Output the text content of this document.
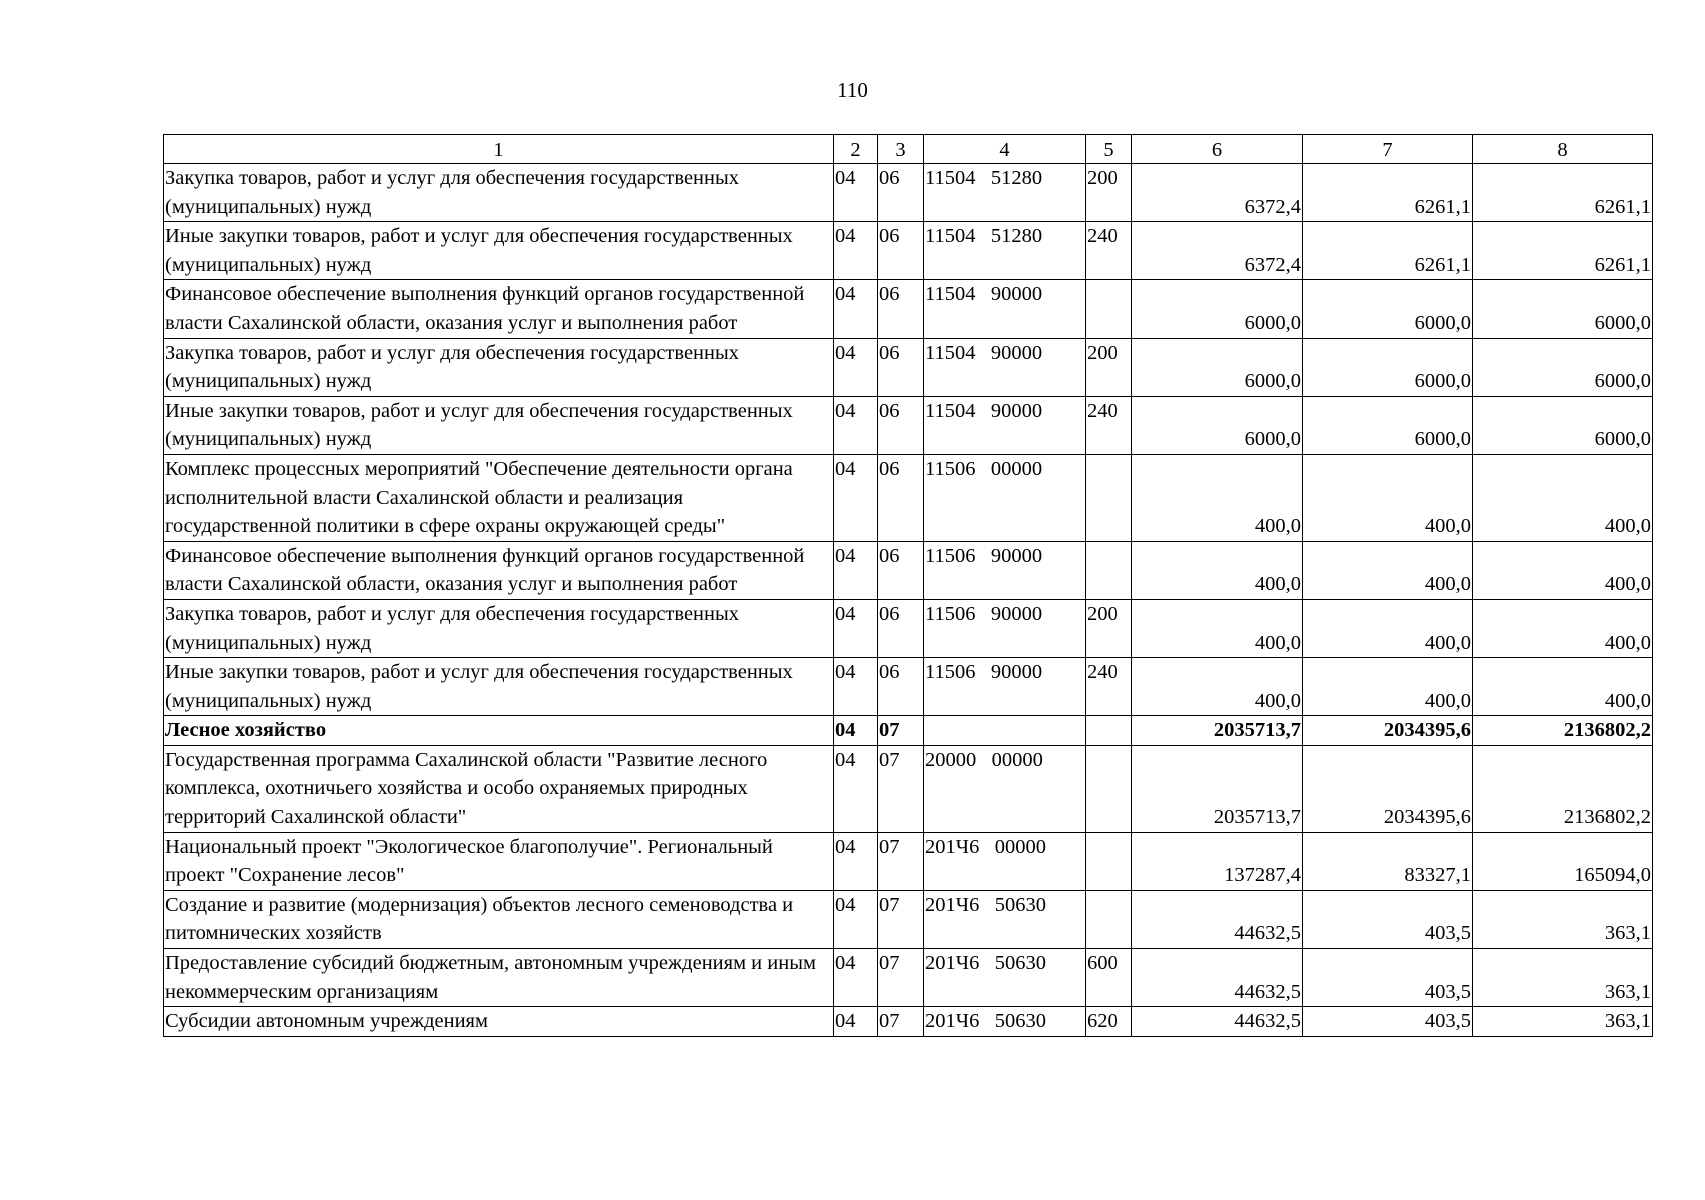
110
1	2	3	4	5	6	7	8
Закупка товаров, работ и услуг для обеспечения государственных (муниципальных) нужд	04	06	11504   51280	200	6372,4	6261,1	6261,1
Иные закупки товаров, работ и услуг для обеспечения государственных (муниципальных) нужд	04	06	11504   51280	240	6372,4	6261,1	6261,1
Финансовое обеспечение выполнения функций органов государственной власти Сахалинской области, оказания услуг и выполнения работ	04	06	11504   90000		6000,0	6000,0	6000,0
Закупка товаров, работ и услуг для обеспечения государственных (муниципальных) нужд	04	06	11504   90000	200	6000,0	6000,0	6000,0
Иные закупки товаров, работ и услуг для обеспечения государственных (муниципальных) нужд	04	06	11504   90000	240	6000,0	6000,0	6000,0
Комплекс процессных мероприятий "Обеспечение деятельности органа исполнительной власти Сахалинской области и реализация государственной политики в сфере охраны окружающей среды"	04	06	11506   00000		400,0	400,0	400,0
Финансовое обеспечение выполнения функций органов государственной власти Сахалинской области, оказания услуг и выполнения работ	04	06	11506   90000		400,0	400,0	400,0
Закупка товаров, работ и услуг для обеспечения государственных (муниципальных) нужд	04	06	11506   90000	200	400,0	400,0	400,0
Иные закупки товаров, работ и услуг для обеспечения государственных (муниципальных) нужд	04	06	11506   90000	240	400,0	400,0	400,0
Лесное хозяйство	04	07			2035713,7	2034395,6	2136802,2
Государственная программа Сахалинской области "Развитие лесного комплекса, охотничьего хозяйства и особо охраняемых природных территорий Сахалинской области"	04	07	20000   00000		2035713,7	2034395,6	2136802,2
Национальный проект "Экологическое благополучие". Региональный проект "Сохранение лесов"	04	07	201Ч6   00000		137287,4	83327,1	165094,0
Создание и развитие (модернизация) объектов лесного семеноводства и питомнических хозяйств	04	07	201Ч6   50630		44632,5	403,5	363,1
Предоставление субсидий бюджетным, автономным учреждениям и иным некоммерческим организациям	04	07	201Ч6   50630	600	44632,5	403,5	363,1
Субсидии автономным учреждениям	04	07	201Ч6   50630	620	44632,5	403,5	363,1
